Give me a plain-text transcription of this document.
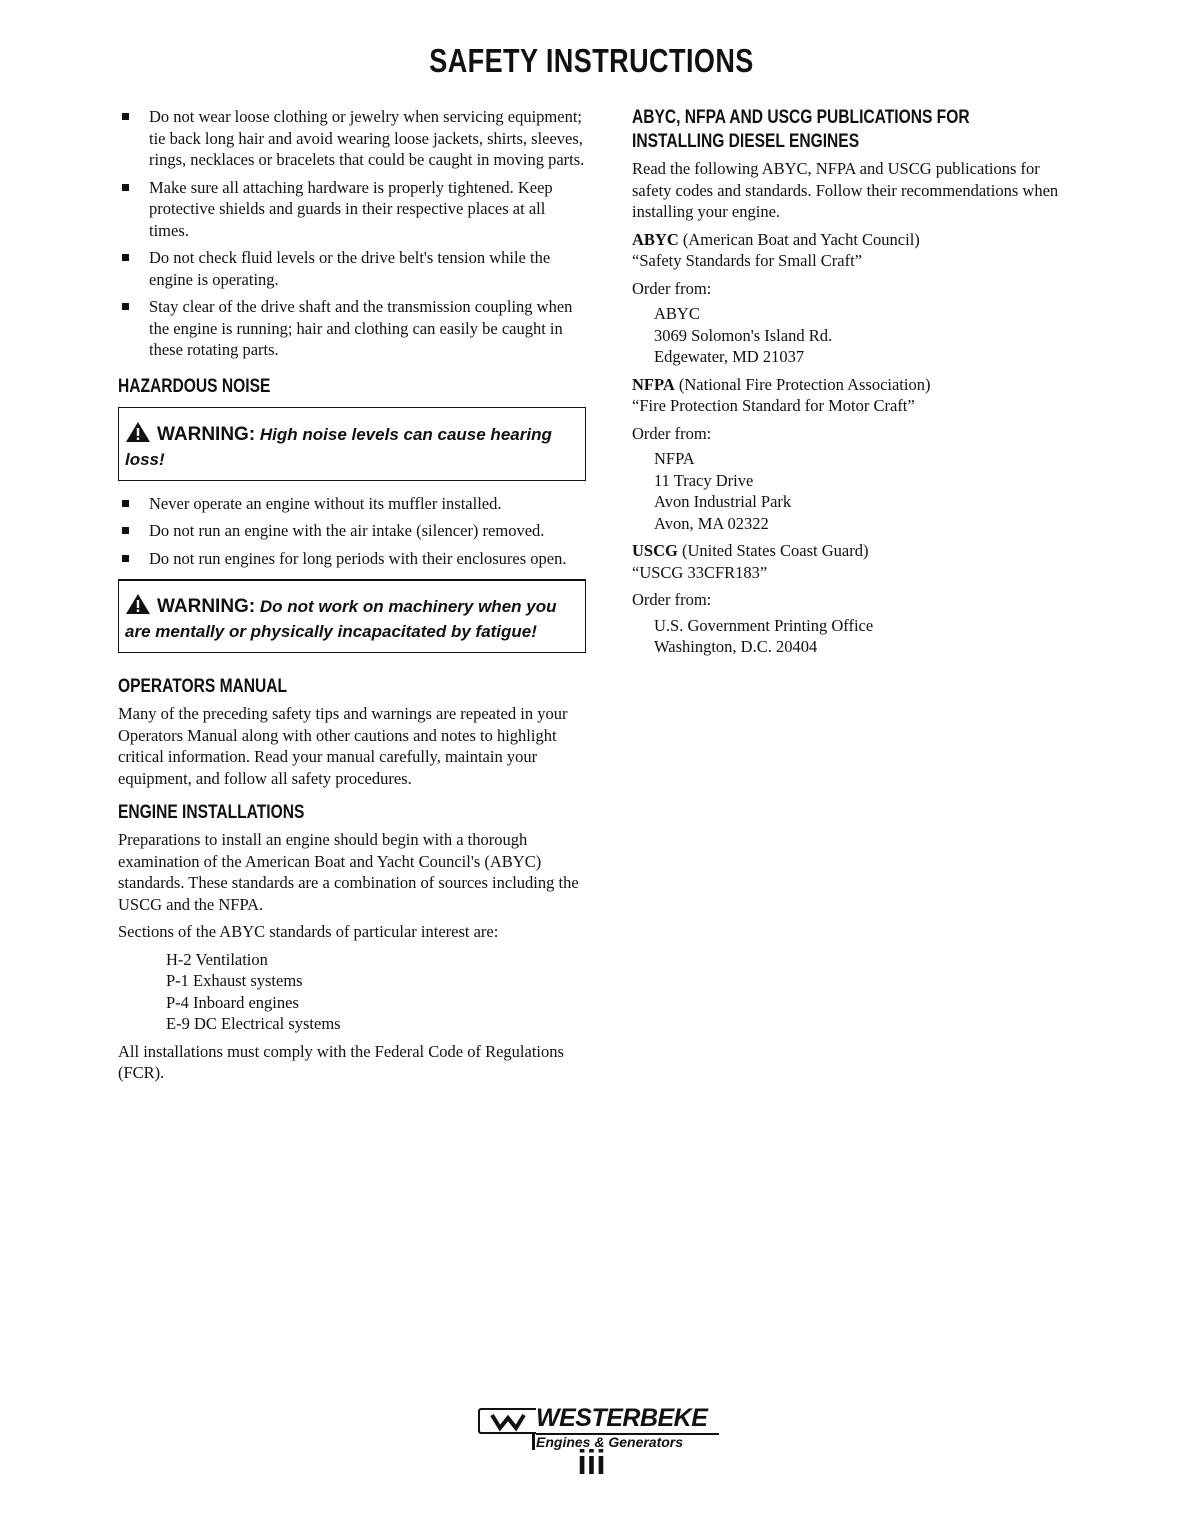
SAFETY INSTRUCTIONS
Do not wear loose clothing or jewelry when servicing equipment; tie back long hair and avoid wearing loose jackets, shirts, sleeves, rings, necklaces or bracelets that could be caught in moving parts.
Make sure all attaching hardware is properly tightened. Keep protective shields and guards in their respective places at all times.
Do not check fluid levels or the drive belt's tension while the engine is operating.
Stay clear of the drive shaft and the transmission coupling when the engine is running; hair and clothing can easily be caught in these rotating parts.
HAZARDOUS NOISE
WARNING: High noise levels can cause hearing loss!
Never operate an engine without its muffler installed.
Do not run an engine with the air intake (silencer) removed.
Do not run engines for long periods with their enclosures open.
WARNING: Do not work on machinery when you are mentally or physically incapacitated by fatigue!
OPERATORS MANUAL

Many of the preceding safety tips and warnings are repeated in your Operators Manual along with other cautions and notes to highlight critical information. Read your manual carefully, maintain your equipment, and follow all safety procedures.

ENGINE INSTALLATIONS

Preparations to install an engine should begin with a thorough examination of the American Boat and Yacht Council's (ABYC) standards. These standards are a combination of sources including the USCG and the NFPA.

Sections of the ABYC standards of particular interest are:

H-2 Ventilation
P-1 Exhaust systems
P-4 Inboard engines
E-9 DC Electrical systems

All installations must comply with the Federal Code of Regulations (FCR).

ABYC, NFPA AND USCG PUBLICATIONS FOR
INSTALLING DIESEL ENGINES

Read the following ABYC, NFPA and USCG publications for safety codes and standards. Follow their recommendations when installing your engine.

ABYC (American Boat and Yacht Council)
“Safety Standards for Small Craft”
Order from:
ABYC
3069 Solomon's Island Rd.
Edgewater, MD 21037
NFPA (National Fire Protection Association)
“Fire Protection Standard for Motor Craft”
Order from:
NFPA
11 Tracy Drive
Avon Industrial Park
Avon, MA 02322
USCG (United States Coast Guard)
“USCG 33CFR183”
Order from:
U.S. Government Printing Office
Washington, D.C. 20404
WESTERBEKE
Engines & Generators
iii
